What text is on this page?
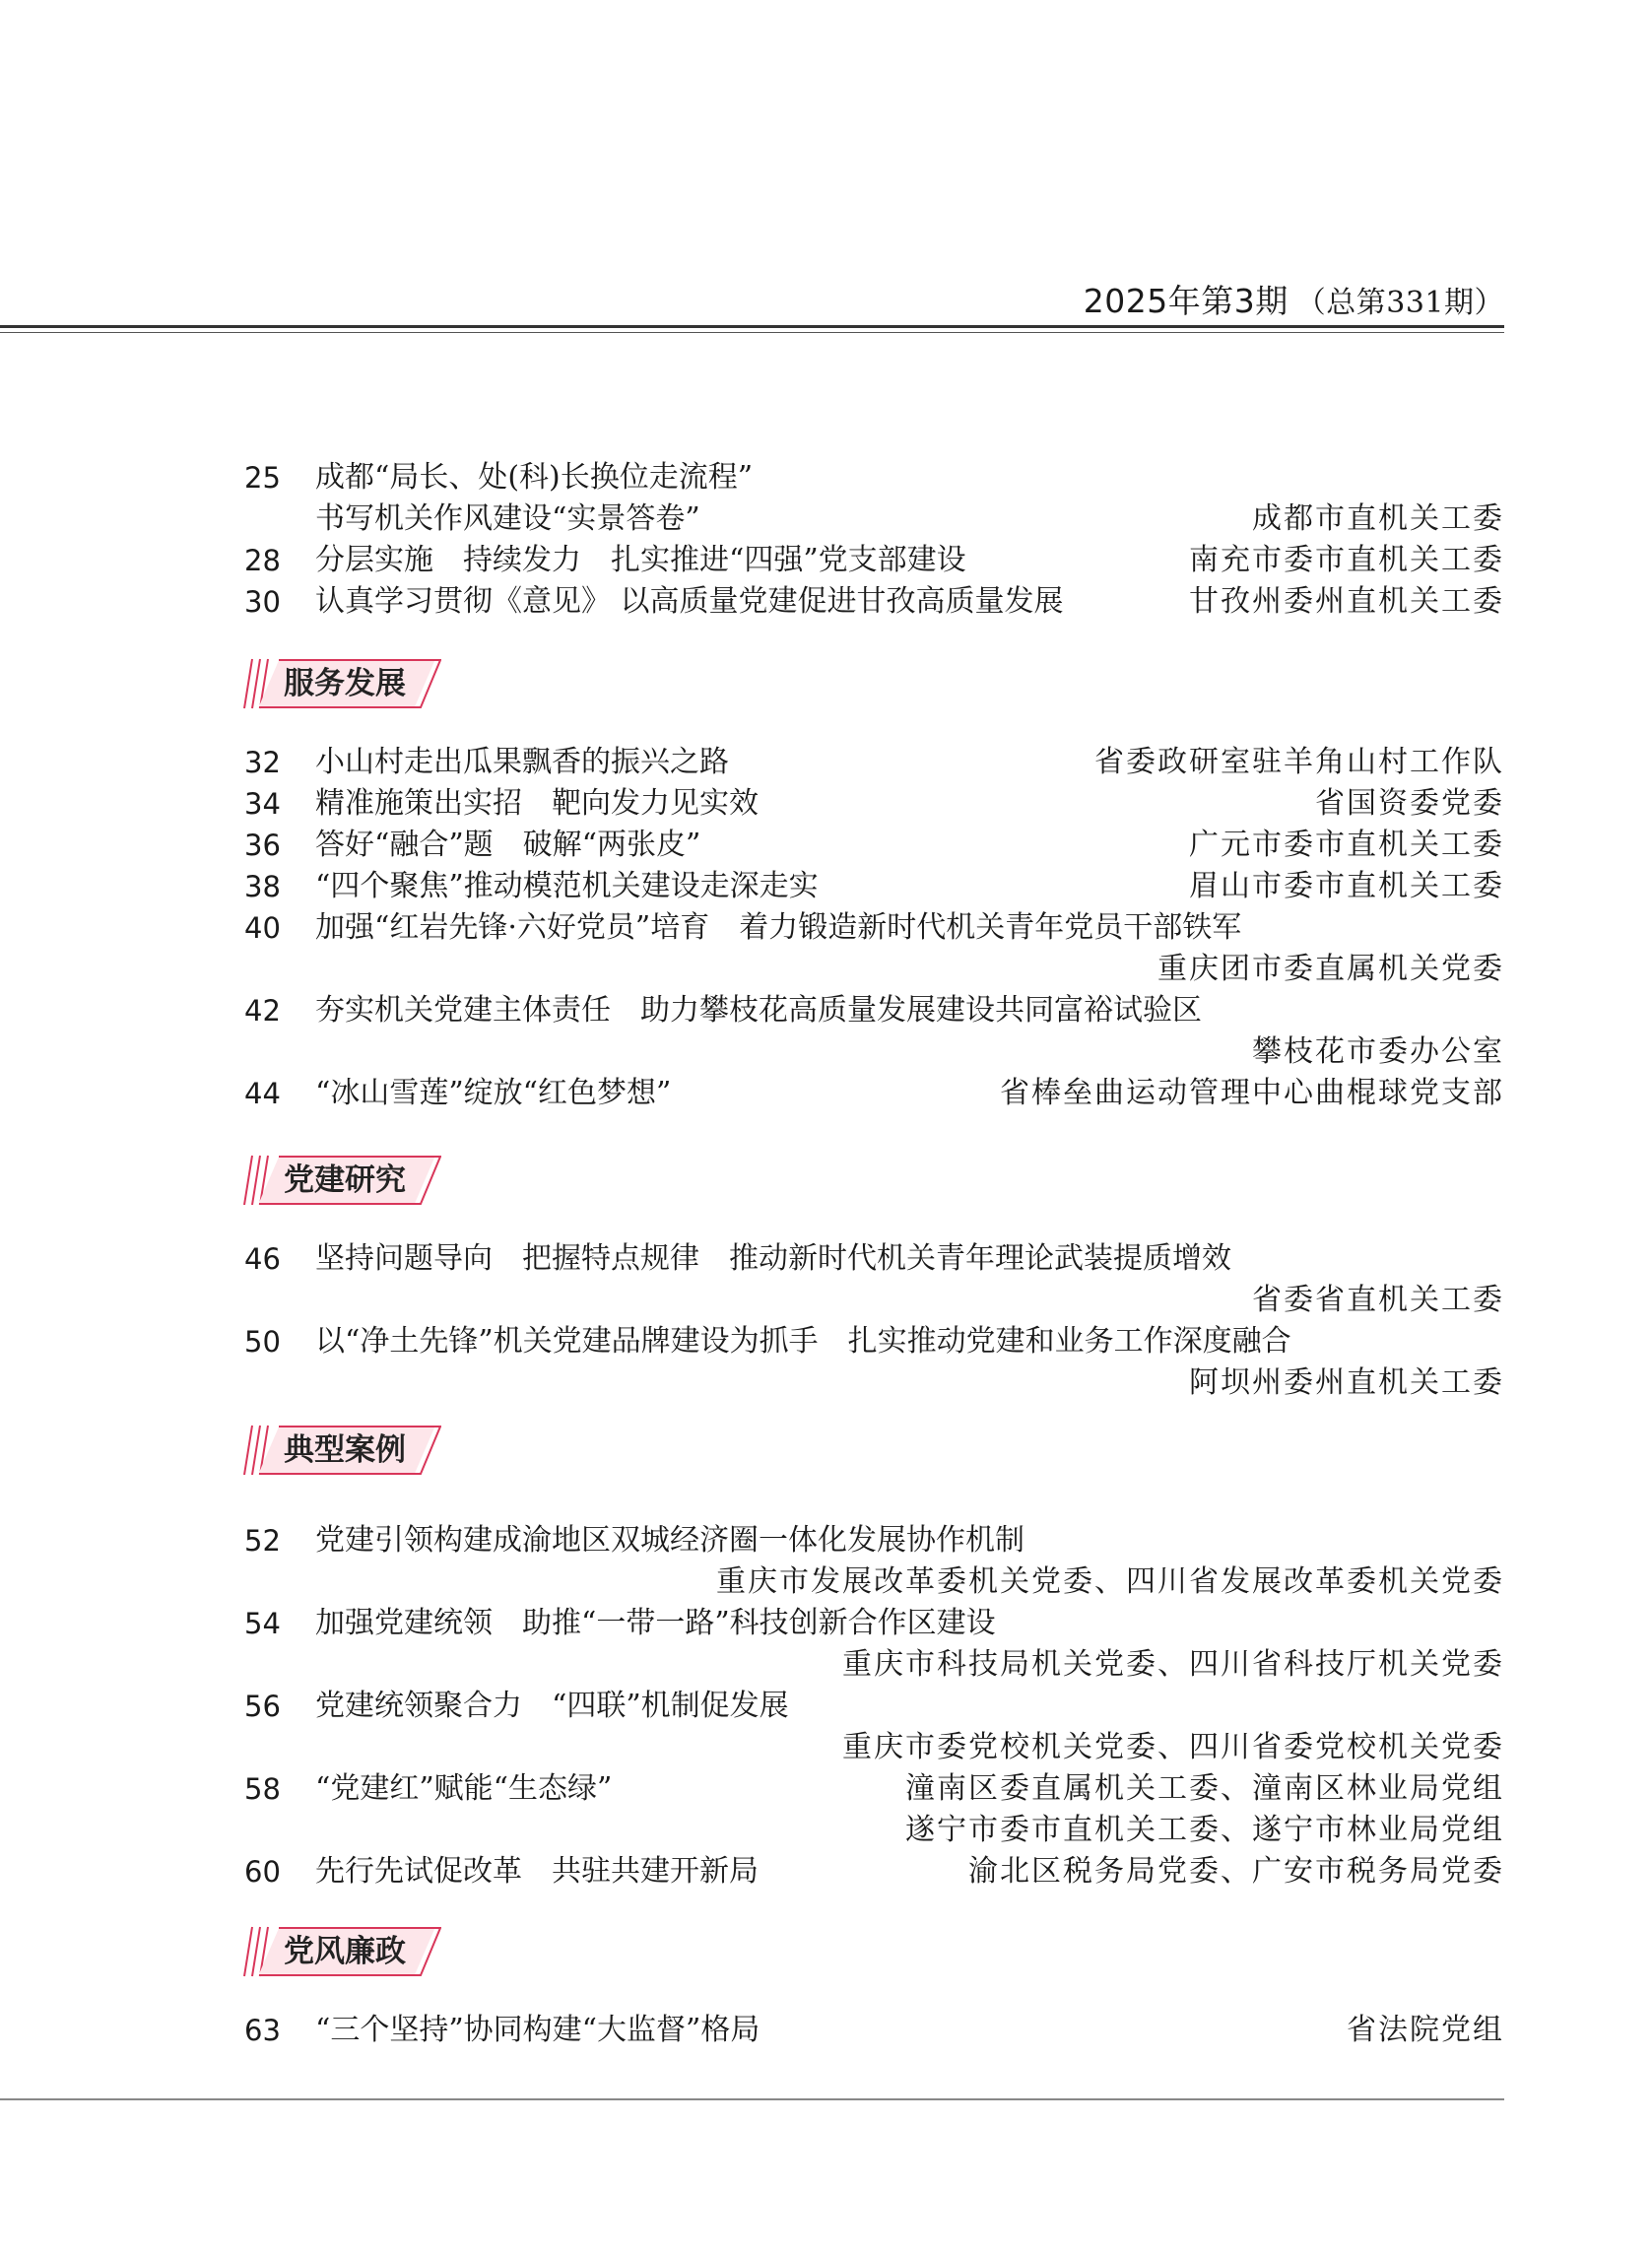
2025年第3期 （总第331期）
25	成都“局长、处(科)长换位走流程”
书写机关作风建设“实景答卷”	成都市直机关工委
28	分层实施　持续发力　扎实推进“四强”党支部建设	南充市委市直机关工委
30	认真学习贯彻《意见》 以高质量党建促进甘孜高质量发展	甘孜州委州直机关工委
服务发展
32	小山村走出瓜果飘香的振兴之路	省委政研室驻羊角山村工作队
34	精准施策出实招　靶向发力见实效	省国资委党委
36	答好“融合”题　破解“两张皮”	广元市委市直机关工委
38	“四个聚焦”推动模范机关建设走深走实	眉山市委市直机关工委
40	加强“红岩先锋·六好党员”培育　着力锻造新时代机关青年党员干部铁军
重庆团市委直属机关党委
42	夯实机关党建主体责任　助力攀枝花高质量发展建设共同富裕试验区
攀枝花市委办公室
44	“冰山雪莲”绽放“红色梦想”	省棒垒曲运动管理中心曲棍球党支部
党建研究
46	坚持问题导向　把握特点规律　推动新时代机关青年理论武装提质增效
省委省直机关工委
50	以“净土先锋”机关党建品牌建设为抓手　扎实推动党建和业务工作深度融合
阿坝州委州直机关工委
典型案例
52	党建引领构建成渝地区双城经济圈一体化发展协作机制
重庆市发展改革委机关党委、四川省发展改革委机关党委
54	加强党建统领　助推“一带一路”科技创新合作区建设
重庆市科技局机关党委、四川省科技厅机关党委
56	党建统领聚合力　“四联”机制促发展
重庆市委党校机关党委、四川省委党校机关党委
58	“党建红”赋能“生态绿”	潼南区委直属机关工委、潼南区林业局党组
遂宁市委市直机关工委、遂宁市林业局党组
60	先行先试促改革　共驻共建开新局	渝北区税务局党委、广安市税务局党委
党风廉政
63	“三个坚持”协同构建“大监督”格局	省法院党组
